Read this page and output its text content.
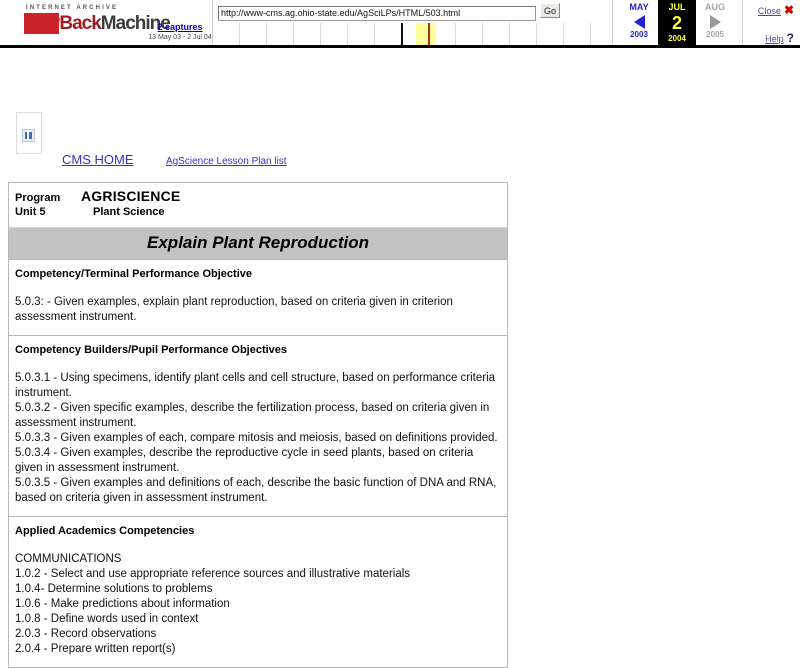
INTERNET ARCHIVE
WayBackMachine
2 captures
13 May 03 - 2 Jul 04
http://www-cms.ag.ohio-state.edu/AgSciLPs/HTML/503.html
Go	MAY
2003
JUL
2
2004
AUG
2005
Close ✖
Help ?
CMS HOME	AgScience Lesson Plan list
Program AGRISCIENCE
Unit 5	Plant Science
Explain Plant Reproduction
Competency/Terminal Performance Objective
5.0.3: - Given examples, explain plant reproduction, based on criteria given in criterion assessment instrument.
Competency Builders/Pupil Performance Objectives
5.0.3.1 - Using specimens, identify plant cells and cell structure, based on performance criteria instrument.
5.0.3.2 - Given specific examples, describe the fertilization process, based on criteria given in assessment instrument.
5.0.3.3 - Given examples of each, compare mitosis and meiosis, based on definitions provided.
5.0.3.4 - Given examples, describe the reproductive cycle in seed plants, based on criteria given in assessment instrument.
5.0.3.5 - Given examples and definitions of each, describe the basic function of DNA and RNA, based on criteria given in assessment instrument.
Applied Academics Competencies
COMMUNICATIONS
1.0.2 - Select and use appropriate reference sources and illustrative materials
1.0.4- Determine solutions to problems
1.0.6 - Make predictions about information
1.0.8 - Define words used in context
2.0.3 - Record observations
2.0.4 - Prepare written report(s)
